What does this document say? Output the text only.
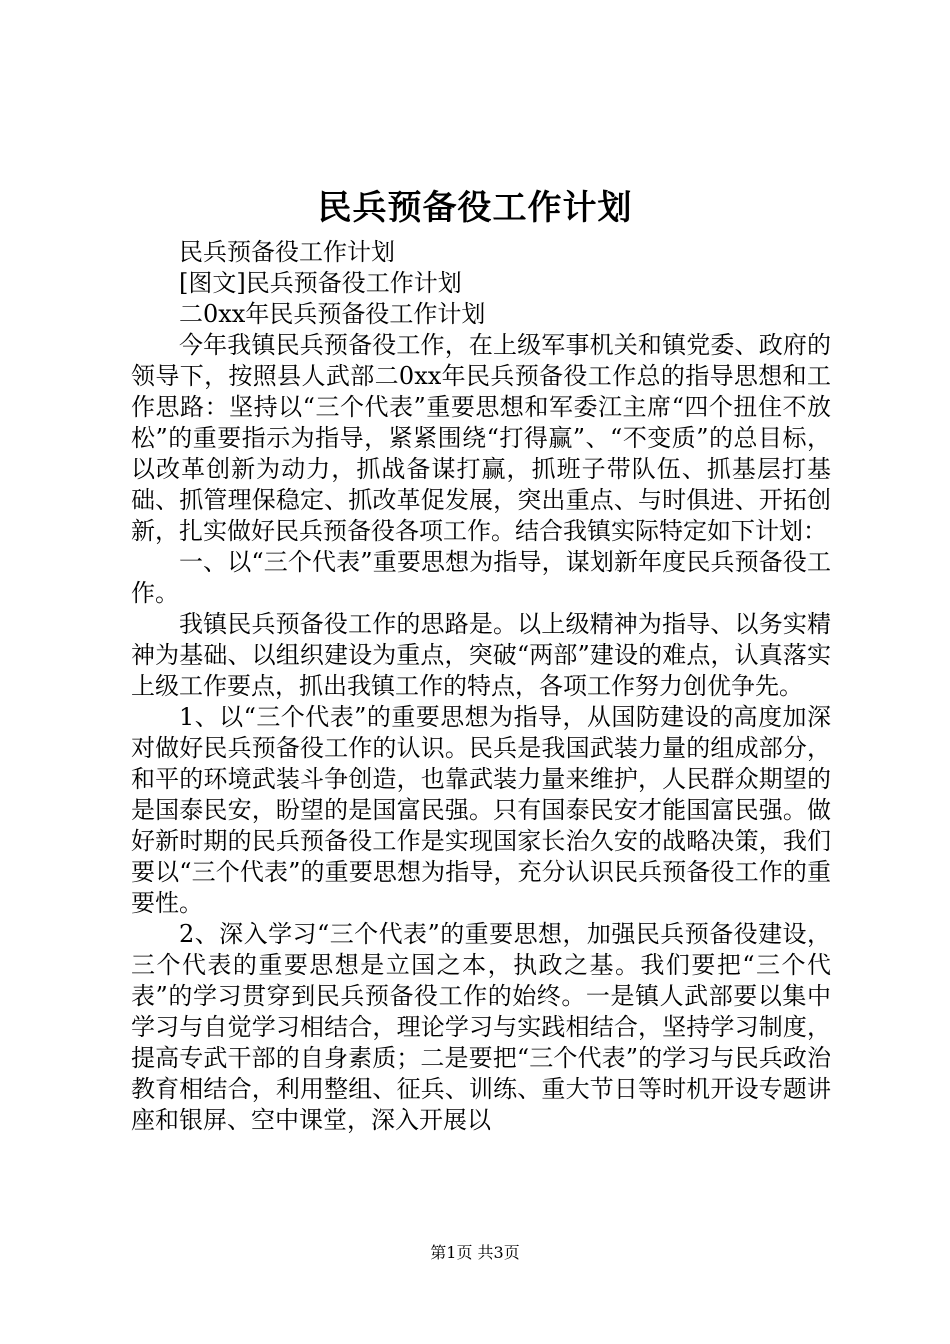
民兵预备役工作计划

民兵预备役工作计划

[图文]民兵预备役工作计划

二0xx年民兵预备役工作计划

今年我镇民兵预备役工作，在上级军事机关和镇党委、政府的领导下，按照县人武部二0xx年民兵预备役工作总的指导思想和工作思路：坚持以“三个代表”重要思想和军委江主席“四个扭住不放松”的重要指示为指导，紧紧围绕“打得赢”、“不变质”的总目标，以改革创新为动力，抓战备谋打赢，抓班子带队伍、抓基层打基础、抓管理保稳定、抓改革促发展，突出重点、与时俱进、开拓创新，扎实做好民兵预备役各项工作。结合我镇实际特定如下计划：

一、以“三个代表”重要思想为指导，谋划新年度民兵预备役工作。

我镇民兵预备役工作的思路是。以上级精神为指导、以务实精神为基础、以组织建设为重点，突破“两部”建设的难点，认真落实上级工作要点，抓出我镇工作的特点，各项工作努力创优争先。

1、以“三个代表”的重要思想为指导，从国防建设的高度加深对做好民兵预备役工作的认识。民兵是我国武装力量的组成部分，和平的环境武装斗争创造，也靠武装力量来维护，人民群众期望的是国泰民安，盼望的是国富民强。只有国泰民安才能国富民强。做好新时期的民兵预备役工作是实现国家长治久安的战略决策，我们要以“三个代表”的重要思想为指导，充分认识民兵预备役工作的重要性。

2、深入学习“三个代表”的重要思想，加强民兵预备役建设，三个代表的重要思想是立国之本，执政之基。我们要把“三个代表”的学习贯穿到民兵预备役工作的始终。一是镇人武部要以集中学习与自觉学习相结合，理论学习与实践相结合，坚持学习制度，提高专武干部的自身素质；二是要把“三个代表”的学习与民兵政治教育相结合，利用整组、征兵、训练、重大节日等时机开设专题讲座和银屏、空中课堂，深入开展以

第1页 共3页
